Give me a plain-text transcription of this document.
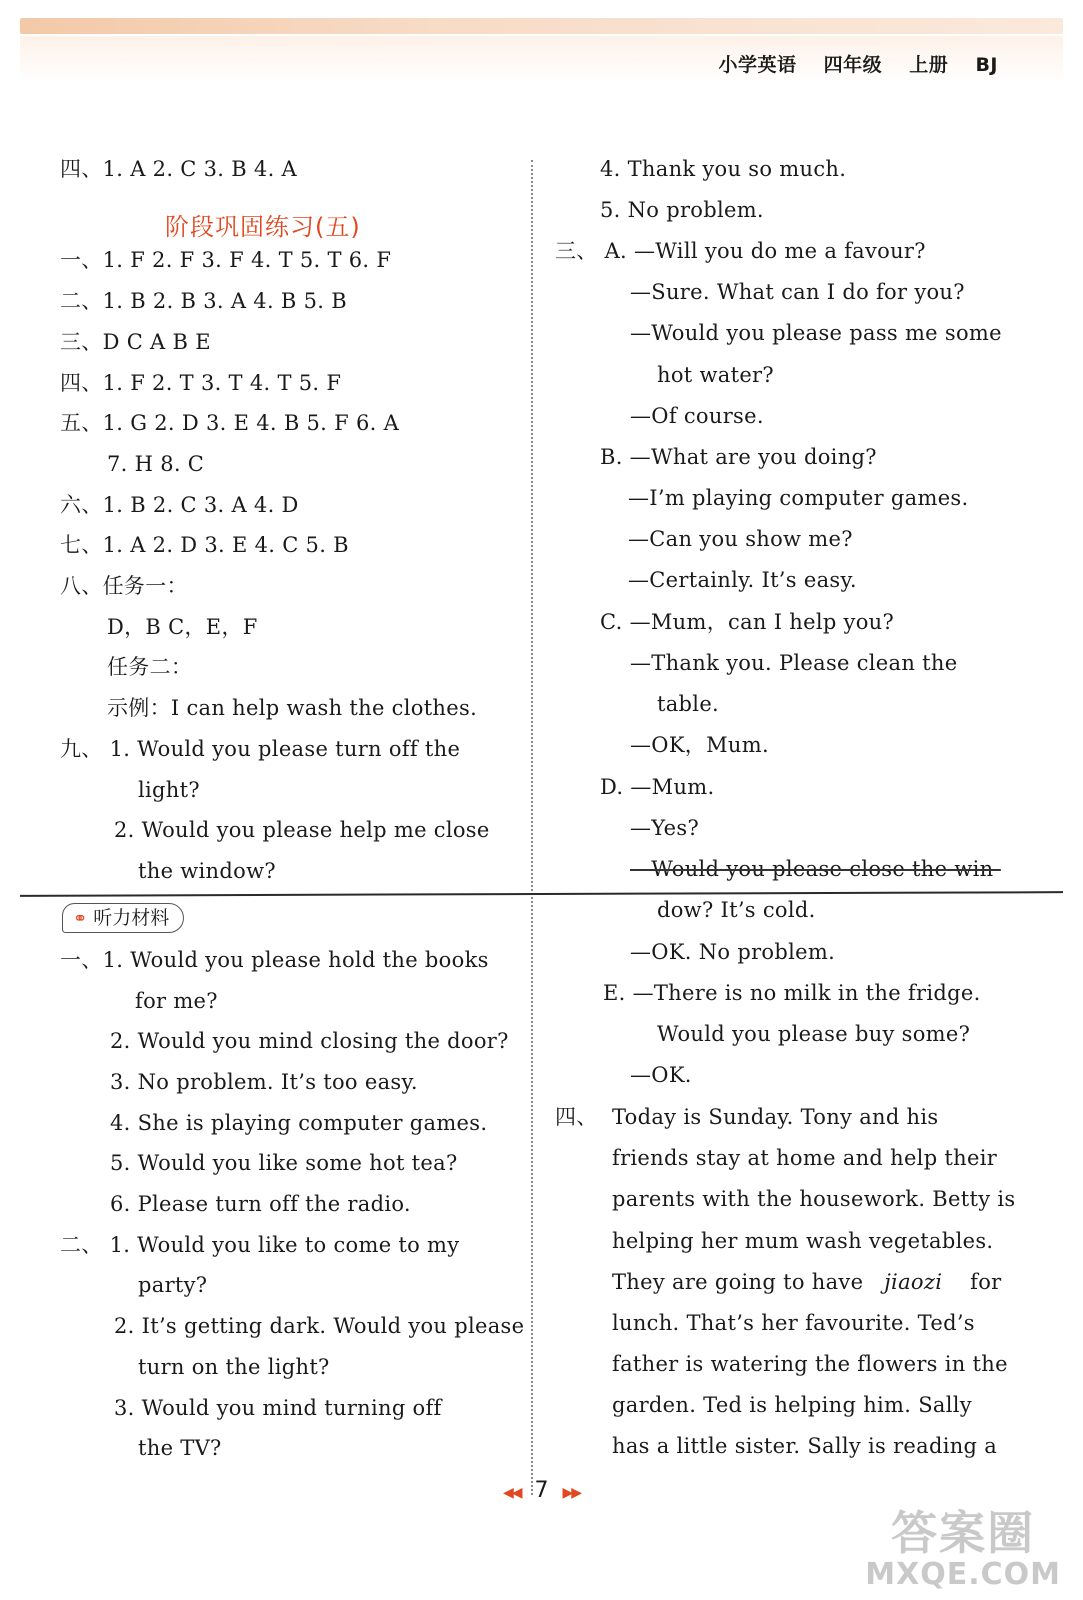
小学英语 四年级 上册 BJ
四、1. A 2. C 3. B 4. A
阶段巩固练习(五)
一、1. F 2. F 3. F 4. T 5. T 6. F
二、1. B 2. B 3. A 4. B 5. B
三、D C A B E
四、1. F 2. T 3. T 4. T 5. F
五、1. G 2. D 3. E 4. B 5. F 6. A
7. H 8. C
六、1. B 2. C 3. A 4. D
七、1. A 2. D 3. E 4. C 5. B
八、任务一：
D，B C，E，F
任务二：
示例：I can help wash the clothes.
九、 1. Would you please turn off the
light?
2. Would you please help me close
the window?
⚭ 听力材料
一、1. Would you please hold the books
for me?
2. Would you mind closing the door?
3. No problem. It’s too easy.
4. She is playing computer games.
5. Would you like some hot tea?
6. Please turn off the radio.
二、 1. Would you like to come to my
party?
2. It’s getting dark. Would you please
turn on the light?
3. Would you mind turning off
the TV?
4. Thank you so much.
5. No problem.
三、 A. —Will you do me a favour?
—Sure. What can I do for you?
—Would you please pass me some
hot water?
—Of course.
B. —What are you doing?
—I’m playing computer games.
—Can you show me?
—Certainly. It’s easy.
C. —Mum，can I help you?
—Thank you. Please clean the
table.
—OK，Mum.
D. —Mum.
—Yes?
—Would you please close the win-
dow? It’s cold.
—OK. No problem.
E. —There is no milk in the fridge.
Would you please buy some?
—OK.
四、 Today is Sunday. Tony and his
friends stay at home and help their
parents with the housework. Betty is
helping her mum wash vegetables.
They are going to have jiaozi for
lunch. That’s her favourite. Ted’s
father is watering the flowers in the
garden. Ted is helping him. Sally
has a little sister. Sally is reading a
◀◀ 7 ▶▶
答案圈
MXQE.COM
